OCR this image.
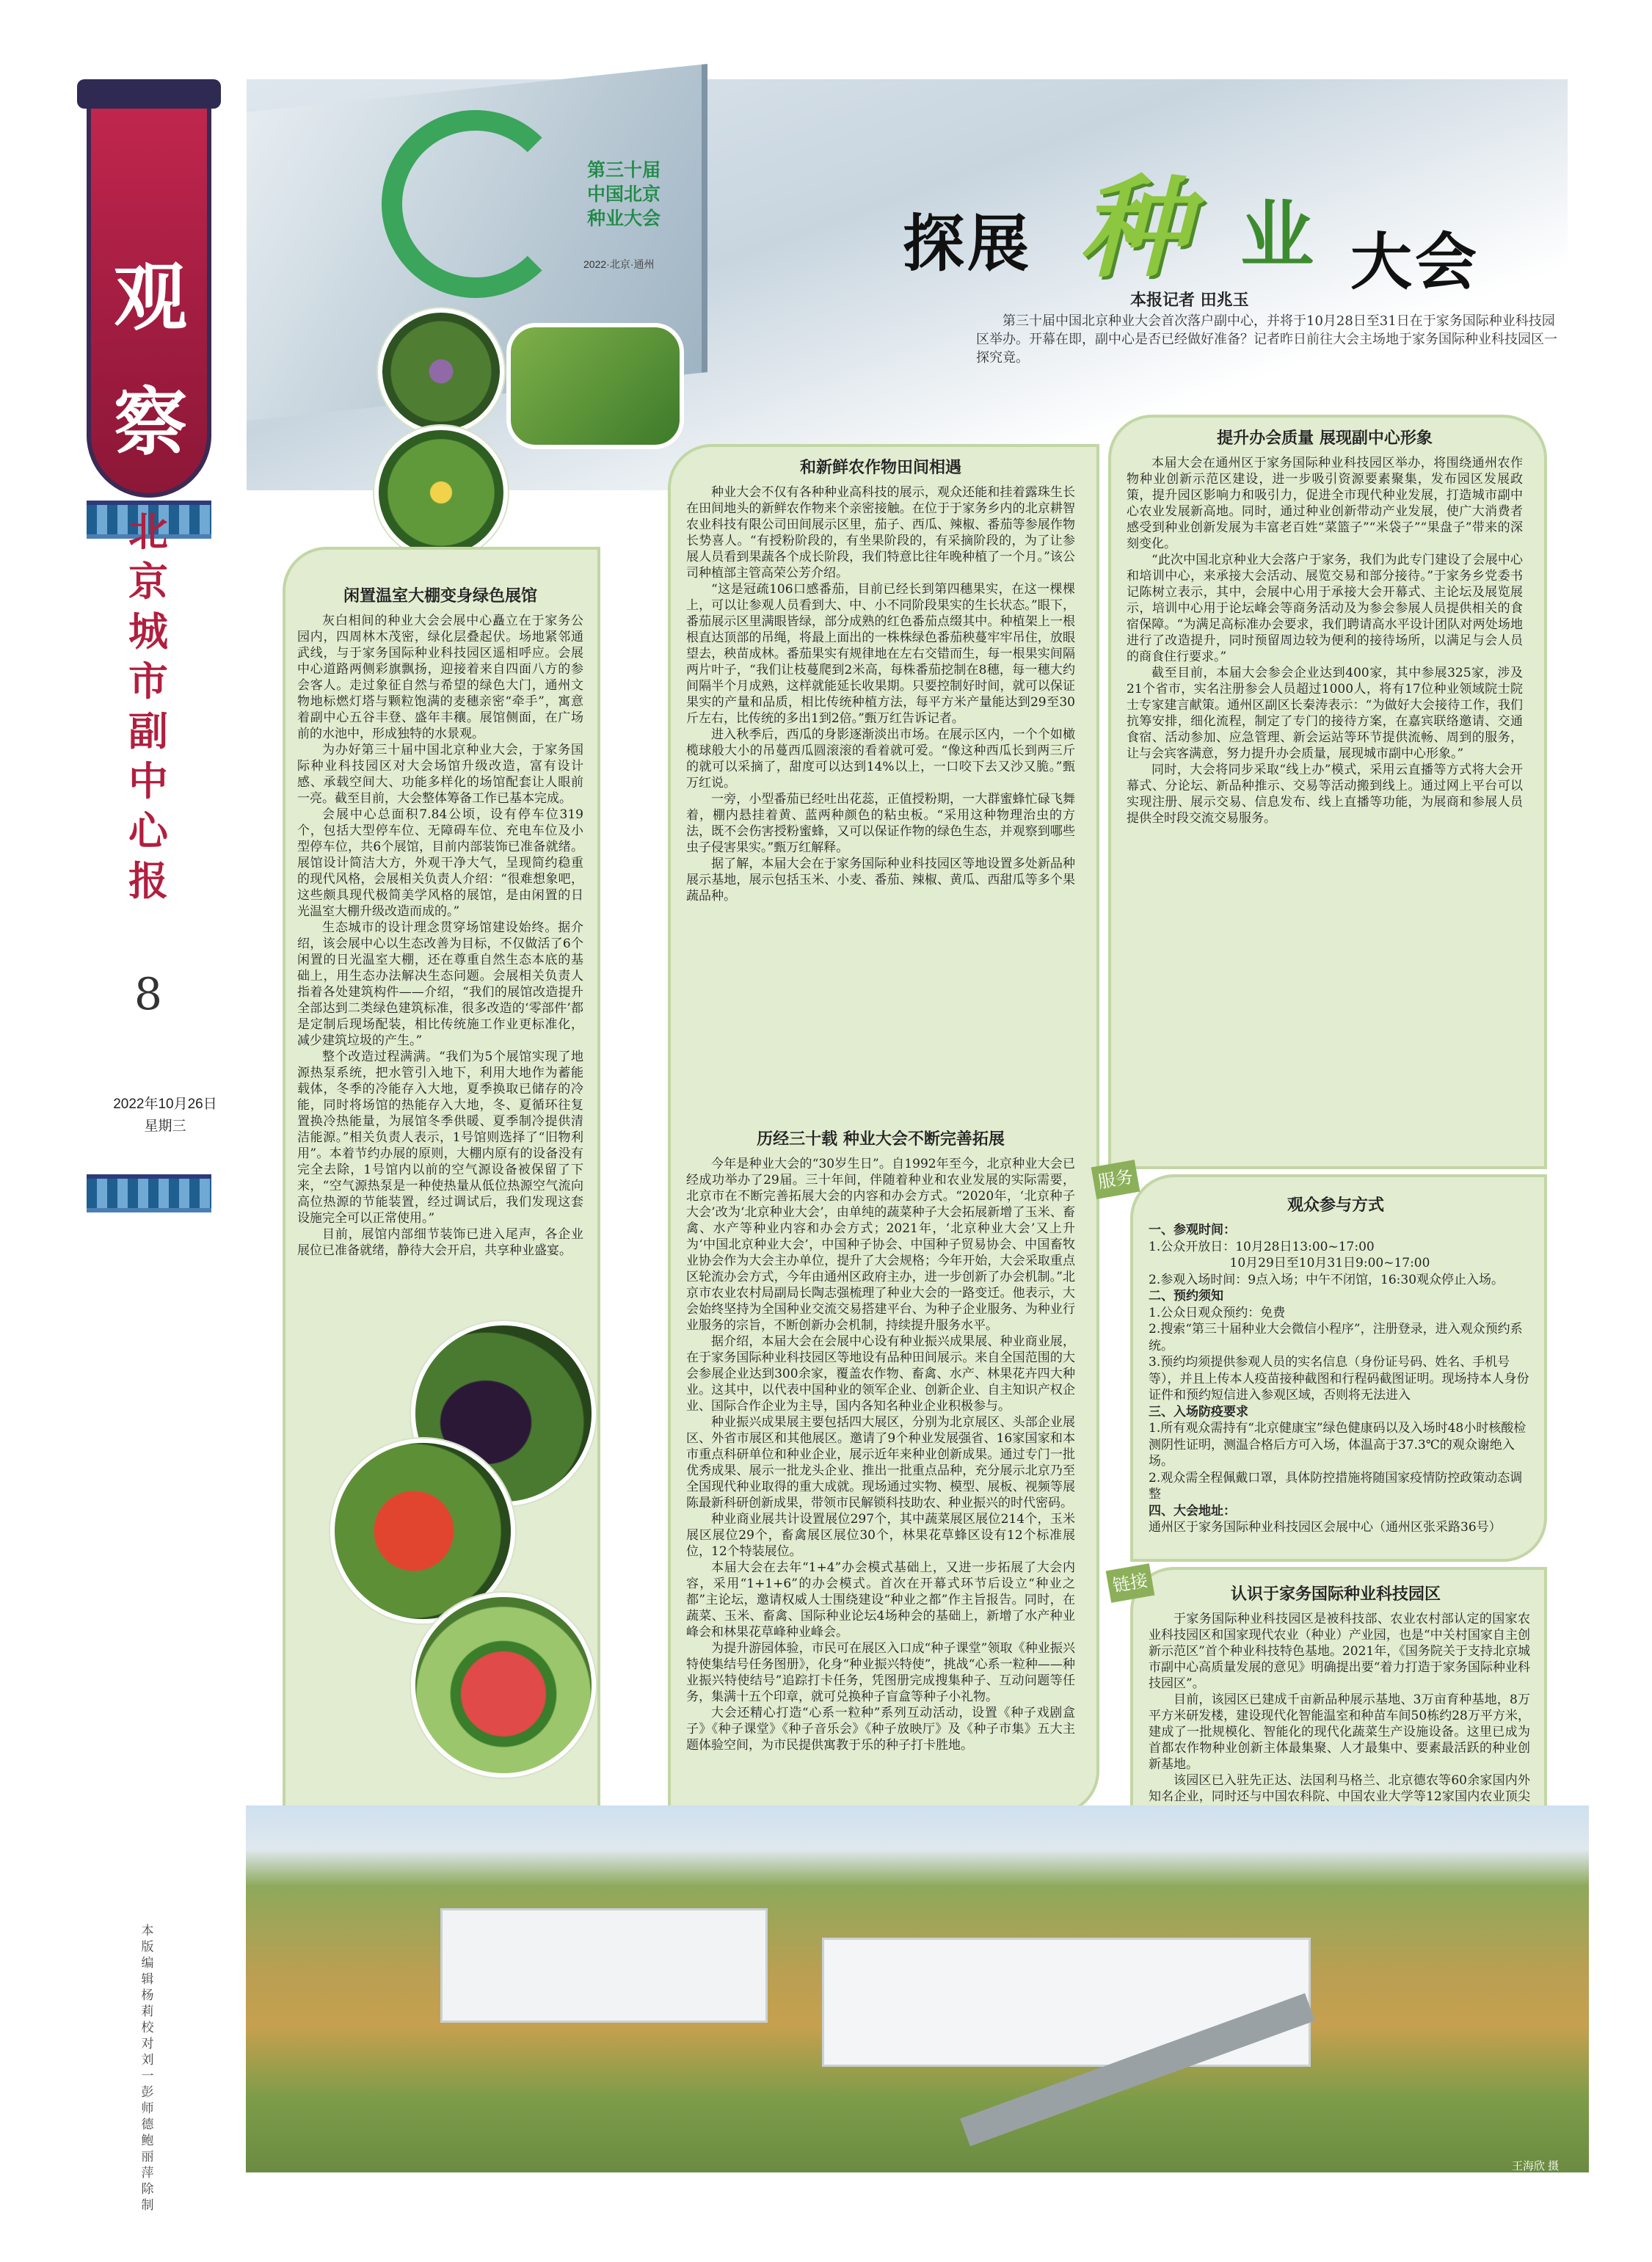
观察
北京城市副中心报
8
2022年10月26日
星期三
本版编辑 杨莉 校对 刘一 彭师德 鲍丽萍 除制
第三十届中国北京种业大会
2022·北京·通州	探展 种 业 大会
本报记者 田兆玉
第三十届中国北京种业大会首次落户副中心，并将于10月28日至31日在于家务国际种业科技园区举办。开幕在即，副中心是否已经做好准备？记者昨日前往大会主场地于家务国际种业科技园区一探究竟。
闲置温室大棚变身绿色展馆

灰白相间的种业大会会展中心矗立在于家务公园内，四周林木茂密，绿化层叠起伏。场地紧邻通武线，与于家务国际种业科技园区遥相呼应。会展中心道路两侧彩旗飘扬，迎接着来自四面八方的参会客人。走过象征自然与希望的绿色大门，通州文物地标燃灯塔与颗粒饱满的麦穗亲密“牵手”，寓意着副中心五谷丰登、盛年丰穰。展馆侧面，在广场前的水池中，形成独特的水景观。

为办好第三十届中国北京种业大会，于家务国际种业科技园区对大会场馆升级改造，富有设计感、承载空间大、功能多样化的场馆配套让人眼前一亮。截至目前，大会整体筹备工作已基本完成。

会展中心总面积7.84公顷，设有停车位319个，包括大型停车位、无障碍车位、充电车位及小型停车位，共6个展馆，目前内部装饰已准备就绪。展馆设计简洁大方，外观干净大气，呈现简约稳重的现代风格，会展相关负责人介绍：“很难想象吧，这些颇具现代极简美学风格的展馆，是由闲置的日光温室大棚升级改造而成的。”

生态城市的设计理念贯穿场馆建设始终。据介绍，该会展中心以生态改善为目标，不仅做活了6个闲置的日光温室大棚，还在尊重自然生态本底的基础上，用生态办法解决生态问题。会展相关负责人指着各处建筑构件——介绍，“我们的展馆改造提升全部达到二类绿色建筑标准，很多改造的‘零部件’都是定制后现场配装，相比传统施工作业更标准化，减少建筑垃圾的产生。”

整个改造过程满满。“我们为5个展馆实现了地源热泵系统，把水管引入地下，利用大地作为蓄能载体，冬季的冷能存入大地，夏季换取已储存的冷能，同时将场馆的热能存入大地，冬、夏循环往复置换冷热能量，为展馆冬季供暖、夏季制冷提供清洁能源。”相关负责人表示，1号馆则选择了“旧物利用”。本着节约办展的原则，大棚内原有的设备没有完全去除，1号馆内以前的空气源设备被保留了下来，“空气源热泵是一种使热量从低位热源空气流向高位热源的节能装置，经过调试后，我们发现这套设施完全可以正常使用。”

目前，展馆内部细节装饰已进入尾声，各企业展位已准备就绪，静待大会开启，共享种业盛宴。

和新鲜农作物田间相遇

种业大会不仅有各种种业高科技的展示，观众还能和挂着露珠生长在田间地头的新鲜农作物来个亲密接触。在位于于家务乡内的北京耕智农业科技有限公司田间展示区里，茄子、西瓜、辣椒、番茄等参展作物长势喜人。“有授粉阶段的，有坐果阶段的，有采摘阶段的，为了让参展人员看到果蔬各个成长阶段，我们特意比往年晚种植了一个月。”该公司种植部主管高荣公芳介绍。

“这是冠疏106口感番茄，目前已经长到第四穗果实，在这一棵棵上，可以让参观人员看到大、中、小不同阶段果实的生长状态。”眼下，番茄展示区里满眼皆绿，部分成熟的红色番茄点缀其中。种植架上一根根直达顶部的吊绳，将最上面出的一株株绿色番茄秧蔓牢牢吊住，放眼望去，秧苗成林。番茄果实有规律地在左右交错而生，每一根果实间隔两片叶子，“我们让枝蔓爬到2米高，每株番茄挖制在8穗，每一穗大约间隔半个月成熟，这样就能延长收果期。只要控制好时间，就可以保证果实的产量和品质，相比传统种植方法，每平方米产量能达到29至30斤左右，比传统的多出1到2倍。”甄万红告诉记者。

进入秋季后，西瓜的身影逐渐淡出市场。在展示区内，一个个如橄榄球般大小的吊蔓西瓜圆滚滚的看着就可爱。“像这种西瓜长到两三斤的就可以采摘了，甜度可以达到14%以上，一口咬下去又沙又脆。”甄万红说。

一旁，小型番茄已经吐出花蕊，正值授粉期，一大群蜜蜂忙碌飞舞着，棚内悬挂着黄、蓝两种颜色的粘虫板。“采用这种物理治虫的方法，既不会伤害授粉蜜蜂，又可以保证作物的绿色生态，并观察到哪些虫子侵害果实。”甄万红解释。

据了解，本届大会在于家务国际种业科技园区等地设置多处新品种展示基地，展示包括玉米、小麦、番茄、辣椒、黄瓜、西甜瓜等多个果蔬品种。

历经三十载 种业大会不断完善拓展

今年是种业大会的“30岁生日”。自1992年至今，北京种业大会已经成功举办了29届。三十年间，伴随着种业和农业发展的实际需要，北京市在不断完善拓展大会的内容和办会方式。“2020年，‘北京种子大会’改为‘北京种业大会’，由单纯的蔬菜种子大会拓展新增了玉米、畜禽、水产等种业内容和办会方式；2021年，‘北京种业大会’又上升为‘中国北京种业大会’，中国种子协会、中国种子贸易协会、中国畜牧业协会作为大会主办单位，提升了大会规格；今年开始，大会采取重点区轮流办会方式，今年由通州区政府主办，进一步创新了办会机制。”北京市农业农村局副局长陶志强梳理了种业大会的一路变迁。他表示，大会始终坚持为全国种业交流交易搭建平台、为种子企业服务、为种业行业服务的宗旨，不断创新办会机制，持续提升服务水平。

据介绍，本届大会在会展中心设有种业振兴成果展、种业商业展，在于家务国际种业科技园区等地设有品种田间展示。来自全国范围的大会参展企业达到300余家，覆盖农作物、畜禽、水产、林果花卉四大种业。这其中，以代表中国种业的领军企业、创新企业、自主知识产权企业、国际合作企业为主导，国内各知名种业企业积极参与。

种业振兴成果展主要包括四大展区，分别为北京展区、头部企业展区、外省市展区和其他展区。邀请了9个种业发展强省、16家国家和本市重点科研单位和种业企业，展示近年来种业创新成果。通过专门一批优秀成果、展示一批龙头企业、推出一批重点品种，充分展示北京乃至全国现代种业取得的重大成就。现场通过实物、模型、展板、视频等展陈最新科研创新成果，带领市民解锁科技助农、种业振兴的时代密码。

种业商业展共计设置展位297个，其中蔬菜展区展位214个，玉米展区展位29个，畜禽展区展位30个，林果花草蜂区设有12个标准展位，12个特装展位。

本届大会在去年“1+4”办会模式基础上，又进一步拓展了大会内容，采用“1+1+6”的办会模式。首次在开幕式环节后设立“种业之都”主论坛，邀请权威人士围绕建设“种业之都”作主旨报告。同时，在蔬菜、玉米、畜禽、国际种业论坛4场种会的基础上，新增了水产种业峰会和林果花草峰种业峰会。

为提升游园体验，市民可在展区入口成“种子课堂”领取《种业振兴特使集结号任务图册》，化身“种业振兴特使”，挑战“心系一粒种——种业振兴特使结号”追踪打卡任务，凭图册完成搜集种子、互动问题等任务，集满十五个印章，就可兑换种子盲盒等种子小礼物。

大会还精心打造“心系一粒种”系列互动活动，设置《种子戏剧盒子》《种子课堂》《种子音乐会》《种子放映厅》及《种子市集》五大主题体验空间，为市民提供寓教于乐的种子打卡胜地。

提升办会质量 展现副中心形象

本届大会在通州区于家务国际种业科技园区举办，将围绕通州农作物种业创新示范区建设，进一步吸引资源要素聚集，发布园区发展政策，提升园区影响力和吸引力，促进全市现代种业发展，打造城市副中心农业发展新高地。同时，通过种业创新带动产业发展，使广大消费者感受到种业创新发展为丰富老百姓“菜篮子”“米袋子”“果盘子”带来的深刻变化。

“此次中国北京种业大会落户于家务，我们为此专门建设了会展中心和培训中心，来承接大会活动、展览交易和部分接待。”于家务乡党委书记陈树立表示，其中，会展中心用于承接大会开幕式、主论坛及展览展示，培训中心用于论坛峰会等商务活动及为参会参展人员提供相关的食宿保障。“为满足高标准办会要求，我们聘请高水平设计团队对两处场地进行了改造提升，同时预留周边较为便利的接待场所，以满足与会人员的商食住行要求。”

截至目前，本届大会参会企业达到400家，其中参展325家，涉及21个省市，实名注册参会人员超过1000人，将有17位种业领域院士院士专家建言献策。通州区副区长秦涛表示：“为做好大会接待工作，我们抗筹安排，细化流程，制定了专门的接待方案，在嘉宾联络邀请、交通食宿、活动参加、应急管理、新会运站等环节提供流畅、周到的服务，让与会宾客满意，努力提升办会质量，展现城市副中心形象。”

同时，大会将同步采取“线上办”模式，采用云直播等方式将大会开幕式、分论坛、新品种推示、交易等活动搬到线上。通过网上平台可以实现注册、展示交易、信息发布、线上直播等功能，为展商和参展人员提供全时段交流交易服务。

服务
观众参与方式
一、参观时间：
1.公众开放日：10月28日13:00~17:00
10月29日至10月31日9:00~17:00
2.参观入场时间：9点入场；中午不闭馆，16:30观众停止入场。
二、预约须知
1.公众日观众预约：免费
2.搜索“第三十届种业大会微信小程序”，注册登录，进入观众预约系统。
3.预约均须提供参观人员的实名信息（身份证号码、姓名、手机号等），并且上传本人疫苗接种截图和行程码截图证明。现场持本人身份证件和预约短信进入参观区域，否则将无法进入
三、入场防疫要求
1.所有观众需持有“北京健康宝”绿色健康码以及入场时48小时核酸检测阴性证明，测温合格后方可入场，体温高于37.3℃的观众谢绝入场。
2.观众需全程佩戴口罩，具体防控措施将随国家疫情防控政策动态调整
四、大会地址：
通州区于家务国际种业科技园区会展中心（通州区张采路36号）
链接	认识于家务国际种业科技园区

于家务国际种业科技园区是被科技部、农业农村部认定的国家农业科技园区和国家现代农业（种业）产业园，也是“中关村国家自主创新示范区”首个种业科技特色基地。2021年，《国务院关于支持北京城市副中心高质量发展的意见》明确提出要“着力打造于家务国际种业科技园区”。

目前，该园区已建成千亩新品种展示基地、3万亩育种基地，8万平方米研发楼，建设现代化智能温室和种苗车间50栋约28万平方米，建成了一批规模化、智能化的现代化蔬菜生产设施设备。这里已成为首都农作物种业创新主体最集聚、人才最集中、要素最活跃的种业创新基地。

该园区已入驻先正达、法国利马格兰、北京德农等60余家国内外知名企业，同时还与中国农科院、中国农业大学等12家国内农业顶尖

王海欣 摄
